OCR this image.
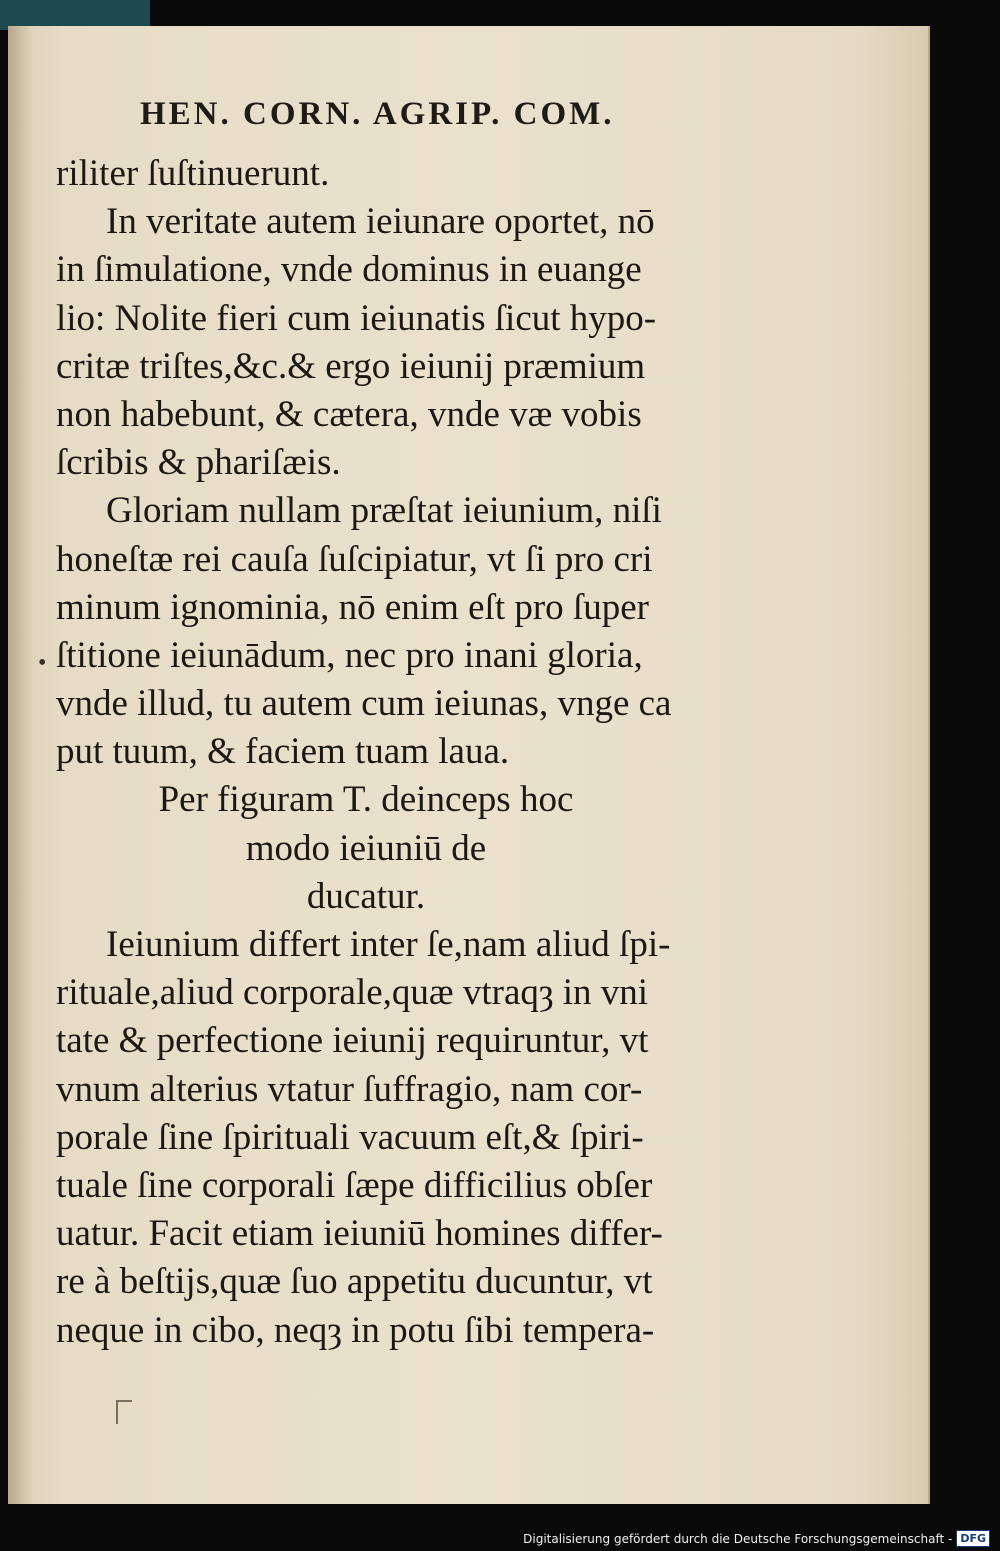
HEN. CORN. AGRIP. COM.
•
riliter ſuſtinuerunt.
In veritate autem ieiunare oportet, nō
in ſimulatione, vnde dominus in euange
lio: Nolite fieri cum ieiunatis ſicut hypo-
critæ triſtes,&c.& ergo ieiunij præmium
non habebunt, & cætera, vnde væ vobis
ſcribis & phariſæis.
Gloriam nullam præſtat ieiunium, niſi
honeſtæ rei cauſa ſuſcipiatur, vt ſi pro cri
minum ignominia, nō enim eſt pro ſuper
ſtitione ieiunādum, nec pro inani gloria,
vnde illud, tu autem cum ieiunas, vnge ca
put tuum, & faciem tuam laua.
Per figuram T. deinceps hoc
modo ieiuniū de
ducatur.
Ieiunium differt inter ſe,nam aliud ſpi-
rituale,aliud corporale,quæ vtraqȝ in vni
tate & perfectione ieiunij requiruntur, vt
vnum alterius vtatur ſuffragio, nam cor-
porale ſine ſpirituali vacuum eſt,& ſpiri-
tuale ſine corporali ſæpe difficilius obſer
uatur. Facit etiam ieiuniū homines differ-
re à beſtijs,quæ ſuo appetitu ducuntur, vt
neque in cibo, neqȝ in potu ſibi tempera-
Digitalisierung gefördert durch die Deutsche Forschungsgemeinschaft - DFG
